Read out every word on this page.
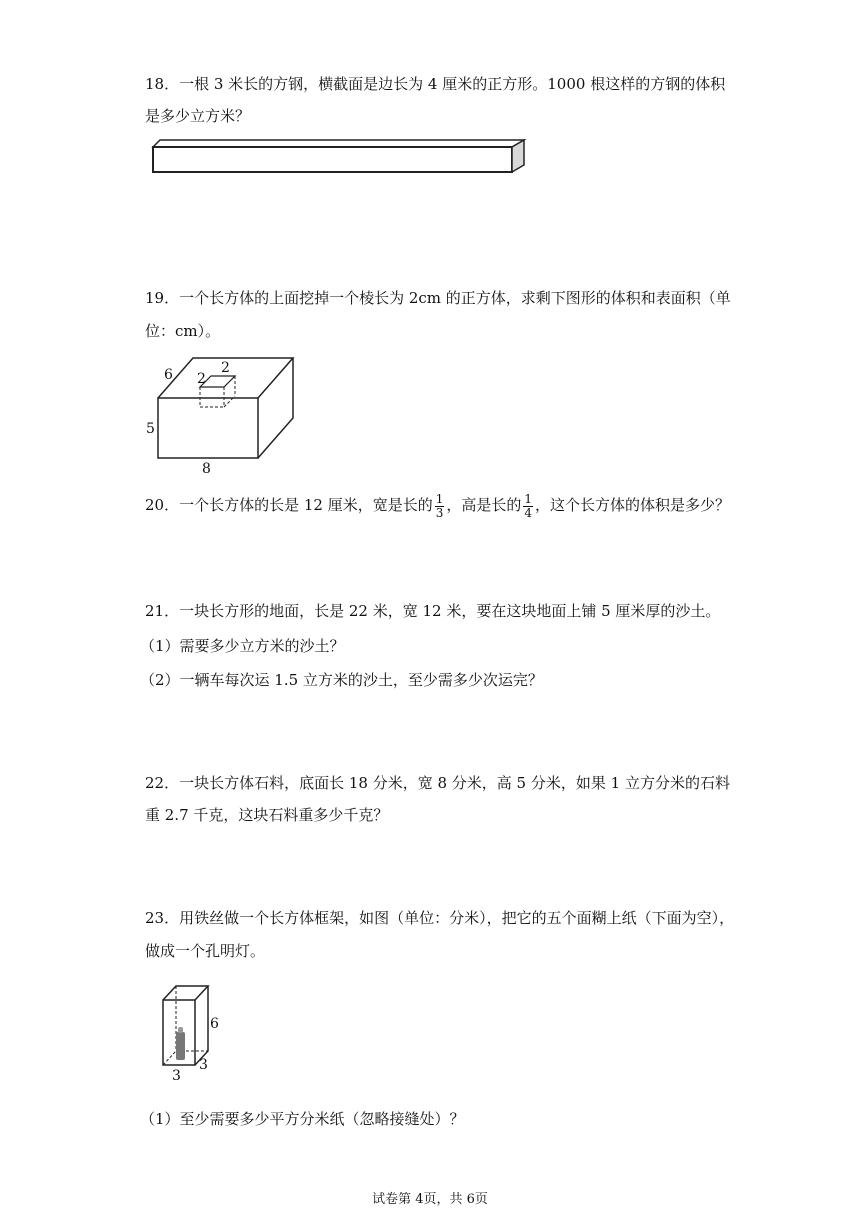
18．一根 3 米长的方钢，横截面是边长为 4 厘米的正方形。1000 根这样的方钢的体积
是多少立方米？
19．一个长方体的上面挖掉一个棱长为 2cm 的正方体，求剩下图形的体积和表面积（单
位：cm）。
6 2
2
5
8
20．一个长方体的长是 12 厘米，宽是长的 $\frac{1}{3}$ ，高是长的 $\frac{1}{4}$ ，这个长方体的体积是多少？
21．一块长方形的地面，长是 22 米，宽 12 米，要在这块地面上铺 5 厘米厚的沙土。
（1）需要多少立方米的沙土？
（2）一辆车每次运 1.5 立方米的沙土，至少需多少次运完？
22．一块长方体石料，底面长 18 分米，宽 8 分米，高 5 分米，如果 1 立方分米的石料
重 2.7 千克，这块石料重多少千克？
23．用铁丝做一个长方体框架，如图（单位：分米），把它的五个面糊上纸（下面为空），
做成一个孔明灯。
6
3
3
（1）至少需要多少平方分米纸（忽略接缝处）？
试卷第 4页，共 6页
